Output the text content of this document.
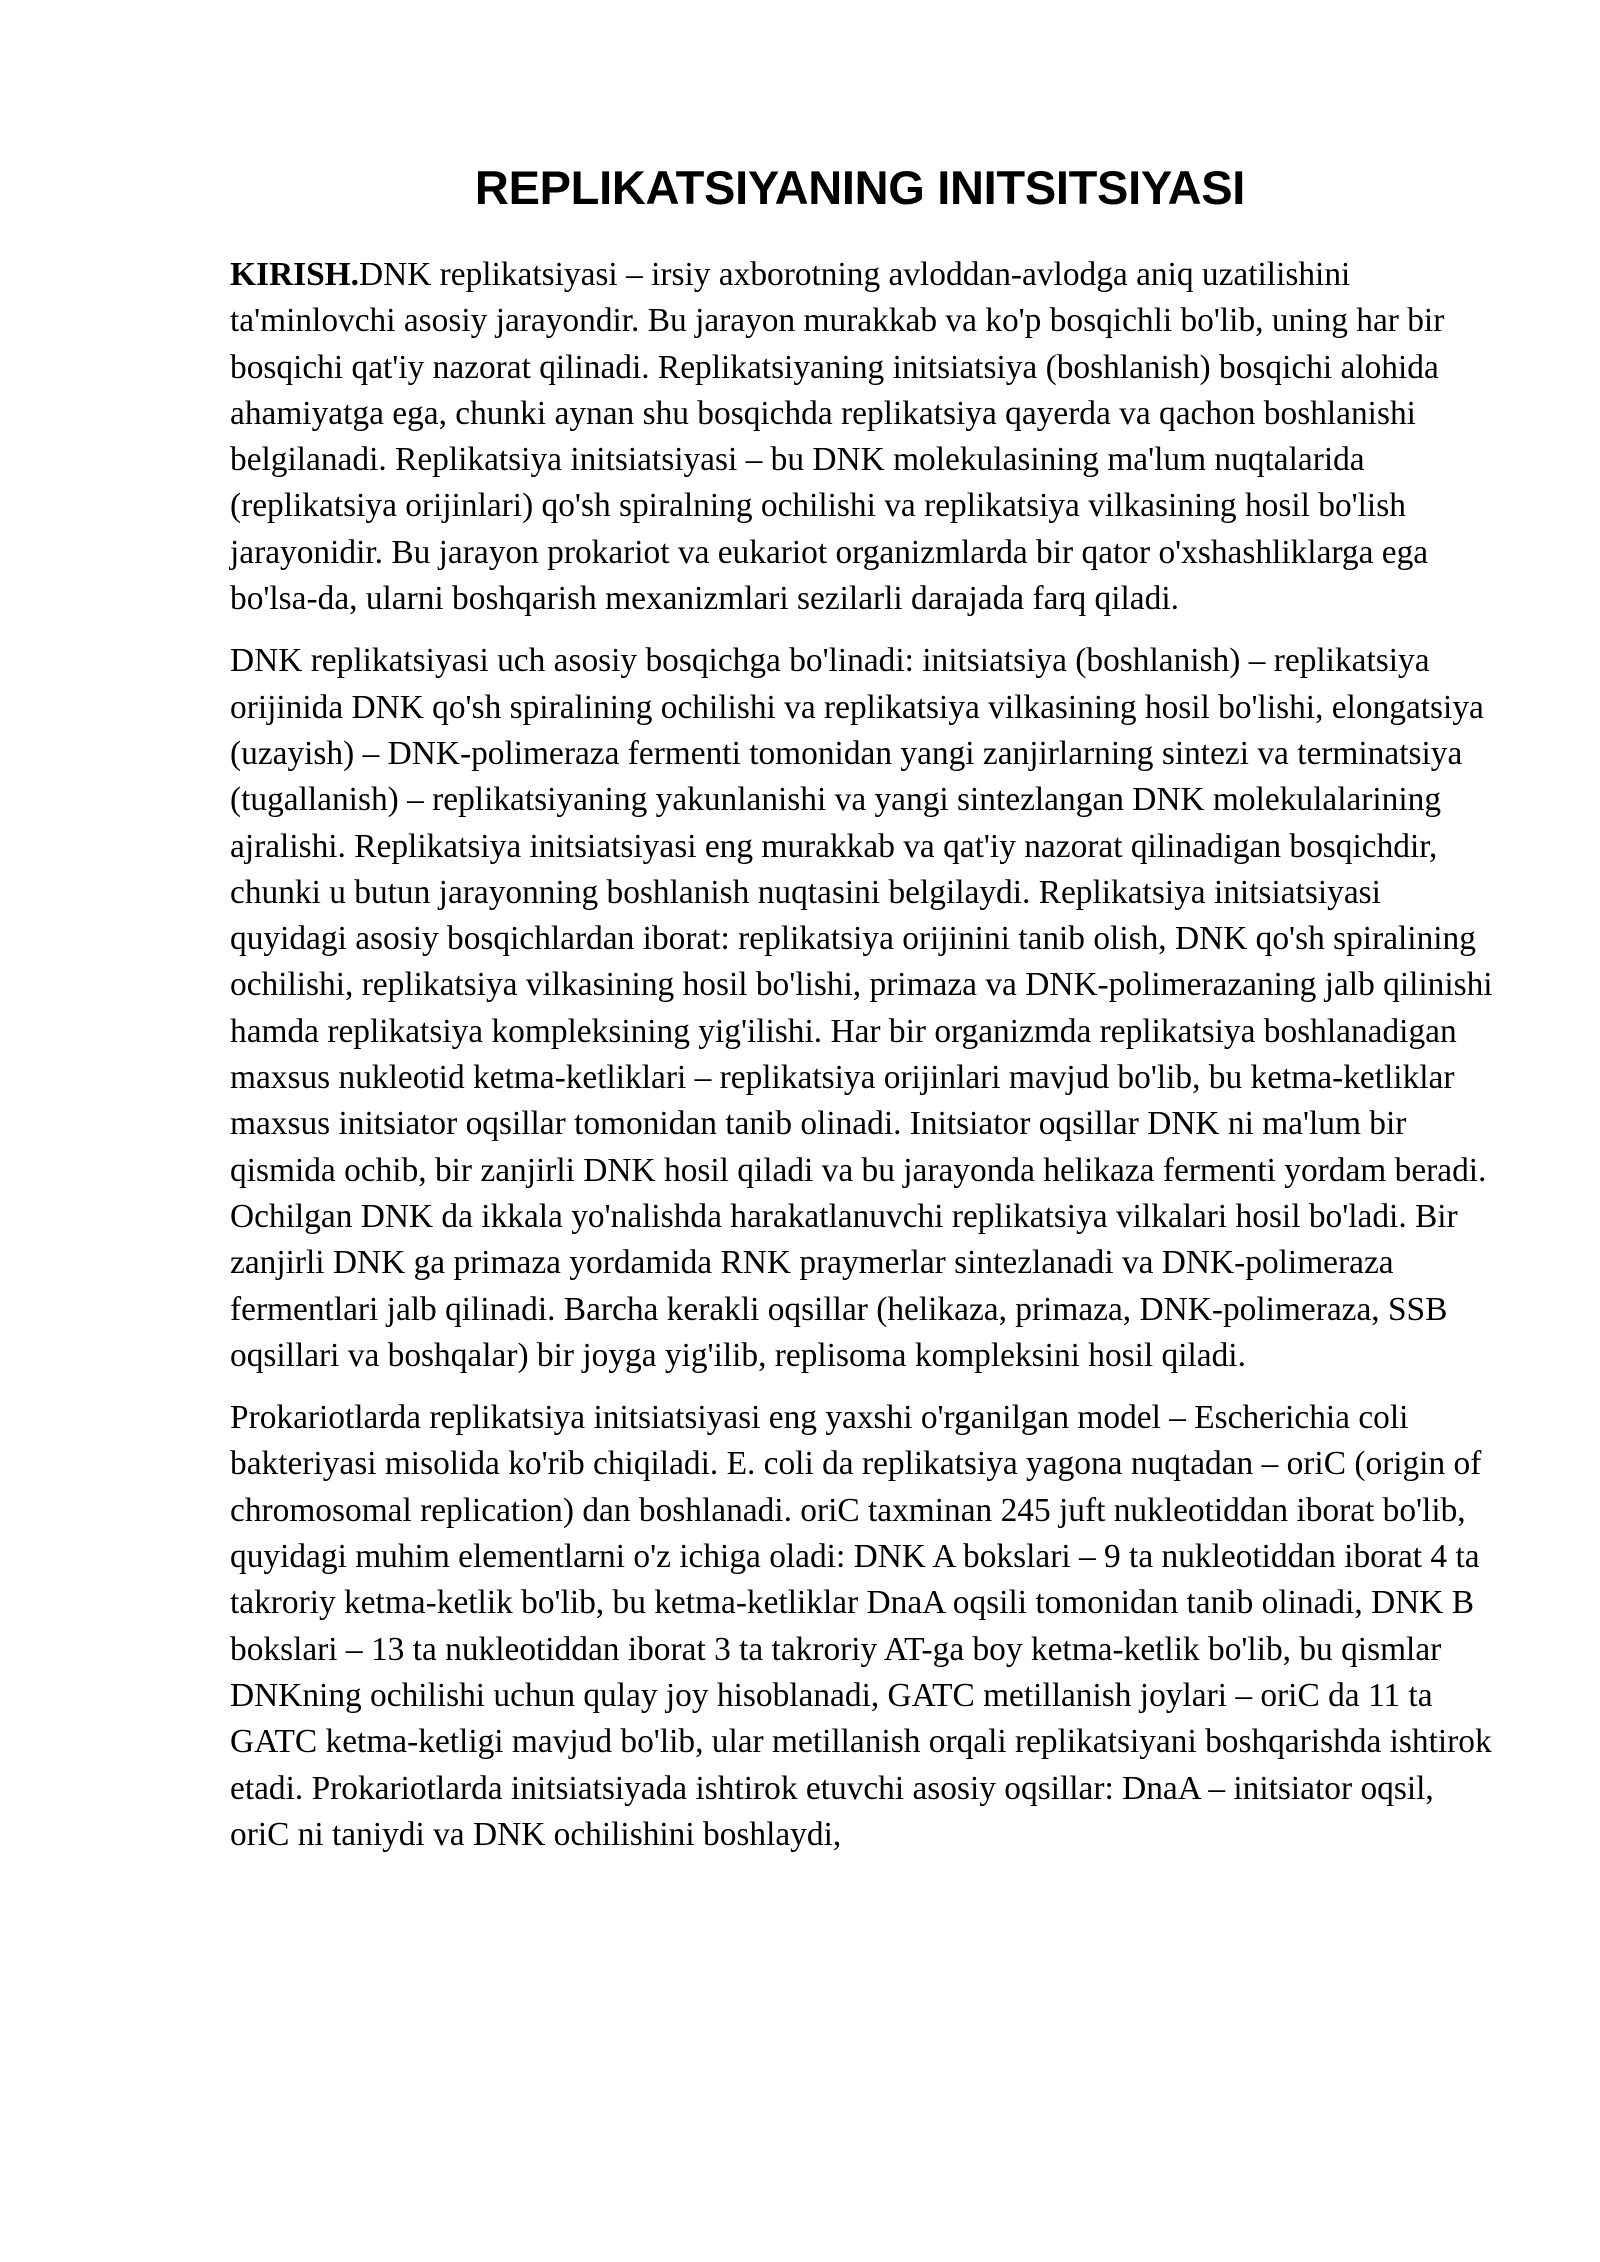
REPLIKATSIYANING INITSITSIYASI

KIRISH.DNK replikatsiyasi – irsiy axborotning avloddan-avlodga aniq uzatilishini ta'minlovchi asosiy jarayondir. Bu jarayon murakkab va ko'p bosqichli bo'lib, uning har bir bosqichi qat'iy nazorat qilinadi. Replikatsiyaning initsiatsiya (boshlanish) bosqichi alohida ahamiyatga ega, chunki aynan shu bosqichda replikatsiya qayerda va qachon boshlanishi belgilanadi. Replikatsiya initsiatsiyasi – bu DNK molekulasining ma'lum nuqtalarida (replikatsiya orijinlari) qo'sh spiralning ochilishi va replikatsiya vilkasining hosil bo'lish jarayonidir. Bu jarayon prokariot va eukariot organizmlarda bir qator o'xshashliklarga ega bo'lsa-da, ularni boshqarish mexanizmlari sezilarli darajada farq qiladi.

DNK replikatsiyasi uch asosiy bosqichga bo'linadi: initsiatsiya (boshlanish) – replikatsiya orijinida DNK qo'sh spiralining ochilishi va replikatsiya vilkasining hosil bo'lishi, elongatsiya (uzayish) – DNK-polimeraza fermenti tomonidan yangi zanjirlarning sintezi va terminatsiya (tugallanish) – replikatsiyaning yakunlanishi va yangi sintezlangan DNK molekulalarining ajralishi. Replikatsiya initsiatsiyasi eng murakkab va qat'iy nazorat qilinadigan bosqichdir, chunki u butun jarayonning boshlanish nuqtasini belgilaydi. Replikatsiya initsiatsiyasi quyidagi asosiy bosqichlardan iborat: replikatsiya orijinini tanib olish, DNK qo'sh spiralining ochilishi, replikatsiya vilkasining hosil bo'lishi, primaza va DNK-polimerazaning jalb qilinishi hamda replikatsiya kompleksining yig'ilishi. Har bir organizmda replikatsiya boshlanadigan maxsus nukleotid ketma-ketliklari – replikatsiya orijinlari mavjud bo'lib, bu ketma-ketliklar maxsus initsiator oqsillar tomonidan tanib olinadi. Initsiator oqsillar DNK ni ma'lum bir qismida ochib, bir zanjirli DNK hosil qiladi va bu jarayonda helikaza fermenti yordam beradi. Ochilgan DNK da ikkala yo'nalishda harakatlanuvchi replikatsiya vilkalari hosil bo'ladi. Bir zanjirli DNK ga primaza yordamida RNK praymerlar sintezlanadi va DNK-polimeraza fermentlari jalb qilinadi. Barcha kerakli oqsillar (helikaza, primaza, DNK-polimeraza, SSB oqsillari va boshqalar) bir joyga yig'ilib, replisoma kompleksini hosil qiladi.

Prokariotlarda replikatsiya initsiatsiyasi eng yaxshi o'rganilgan model – Escherichia coli bakteriyasi misolida ko'rib chiqiladi. E. coli da replikatsiya yagona nuqtadan – oriC (origin of chromosomal replication) dan boshlanadi. oriC taxminan 245 juft nukleotiddan iborat bo'lib, quyidagi muhim elementlarni o'z ichiga oladi: DNK A bokslari – 9 ta nukleotiddan iborat 4 ta takroriy ketma-ketlik bo'lib, bu ketma-ketliklar DnaA oqsili tomonidan tanib olinadi, DNK B bokslari – 13 ta nukleotiddan iborat 3 ta takroriy AT-ga boy ketma-ketlik bo'lib, bu qismlar DNKning ochilishi uchun qulay joy hisoblanadi, GATC metillanish joylari – oriC da 11 ta GATC ketma-ketligi mavjud bo'lib, ular metillanish orqali replikatsiyani boshqarishda ishtirok etadi. Prokariotlarda initsiatsiyada ishtirok etuvchi asosiy oqsillar: DnaA – initsiator oqsil, oriC ni taniydi va DNK ochilishini boshlaydi,
